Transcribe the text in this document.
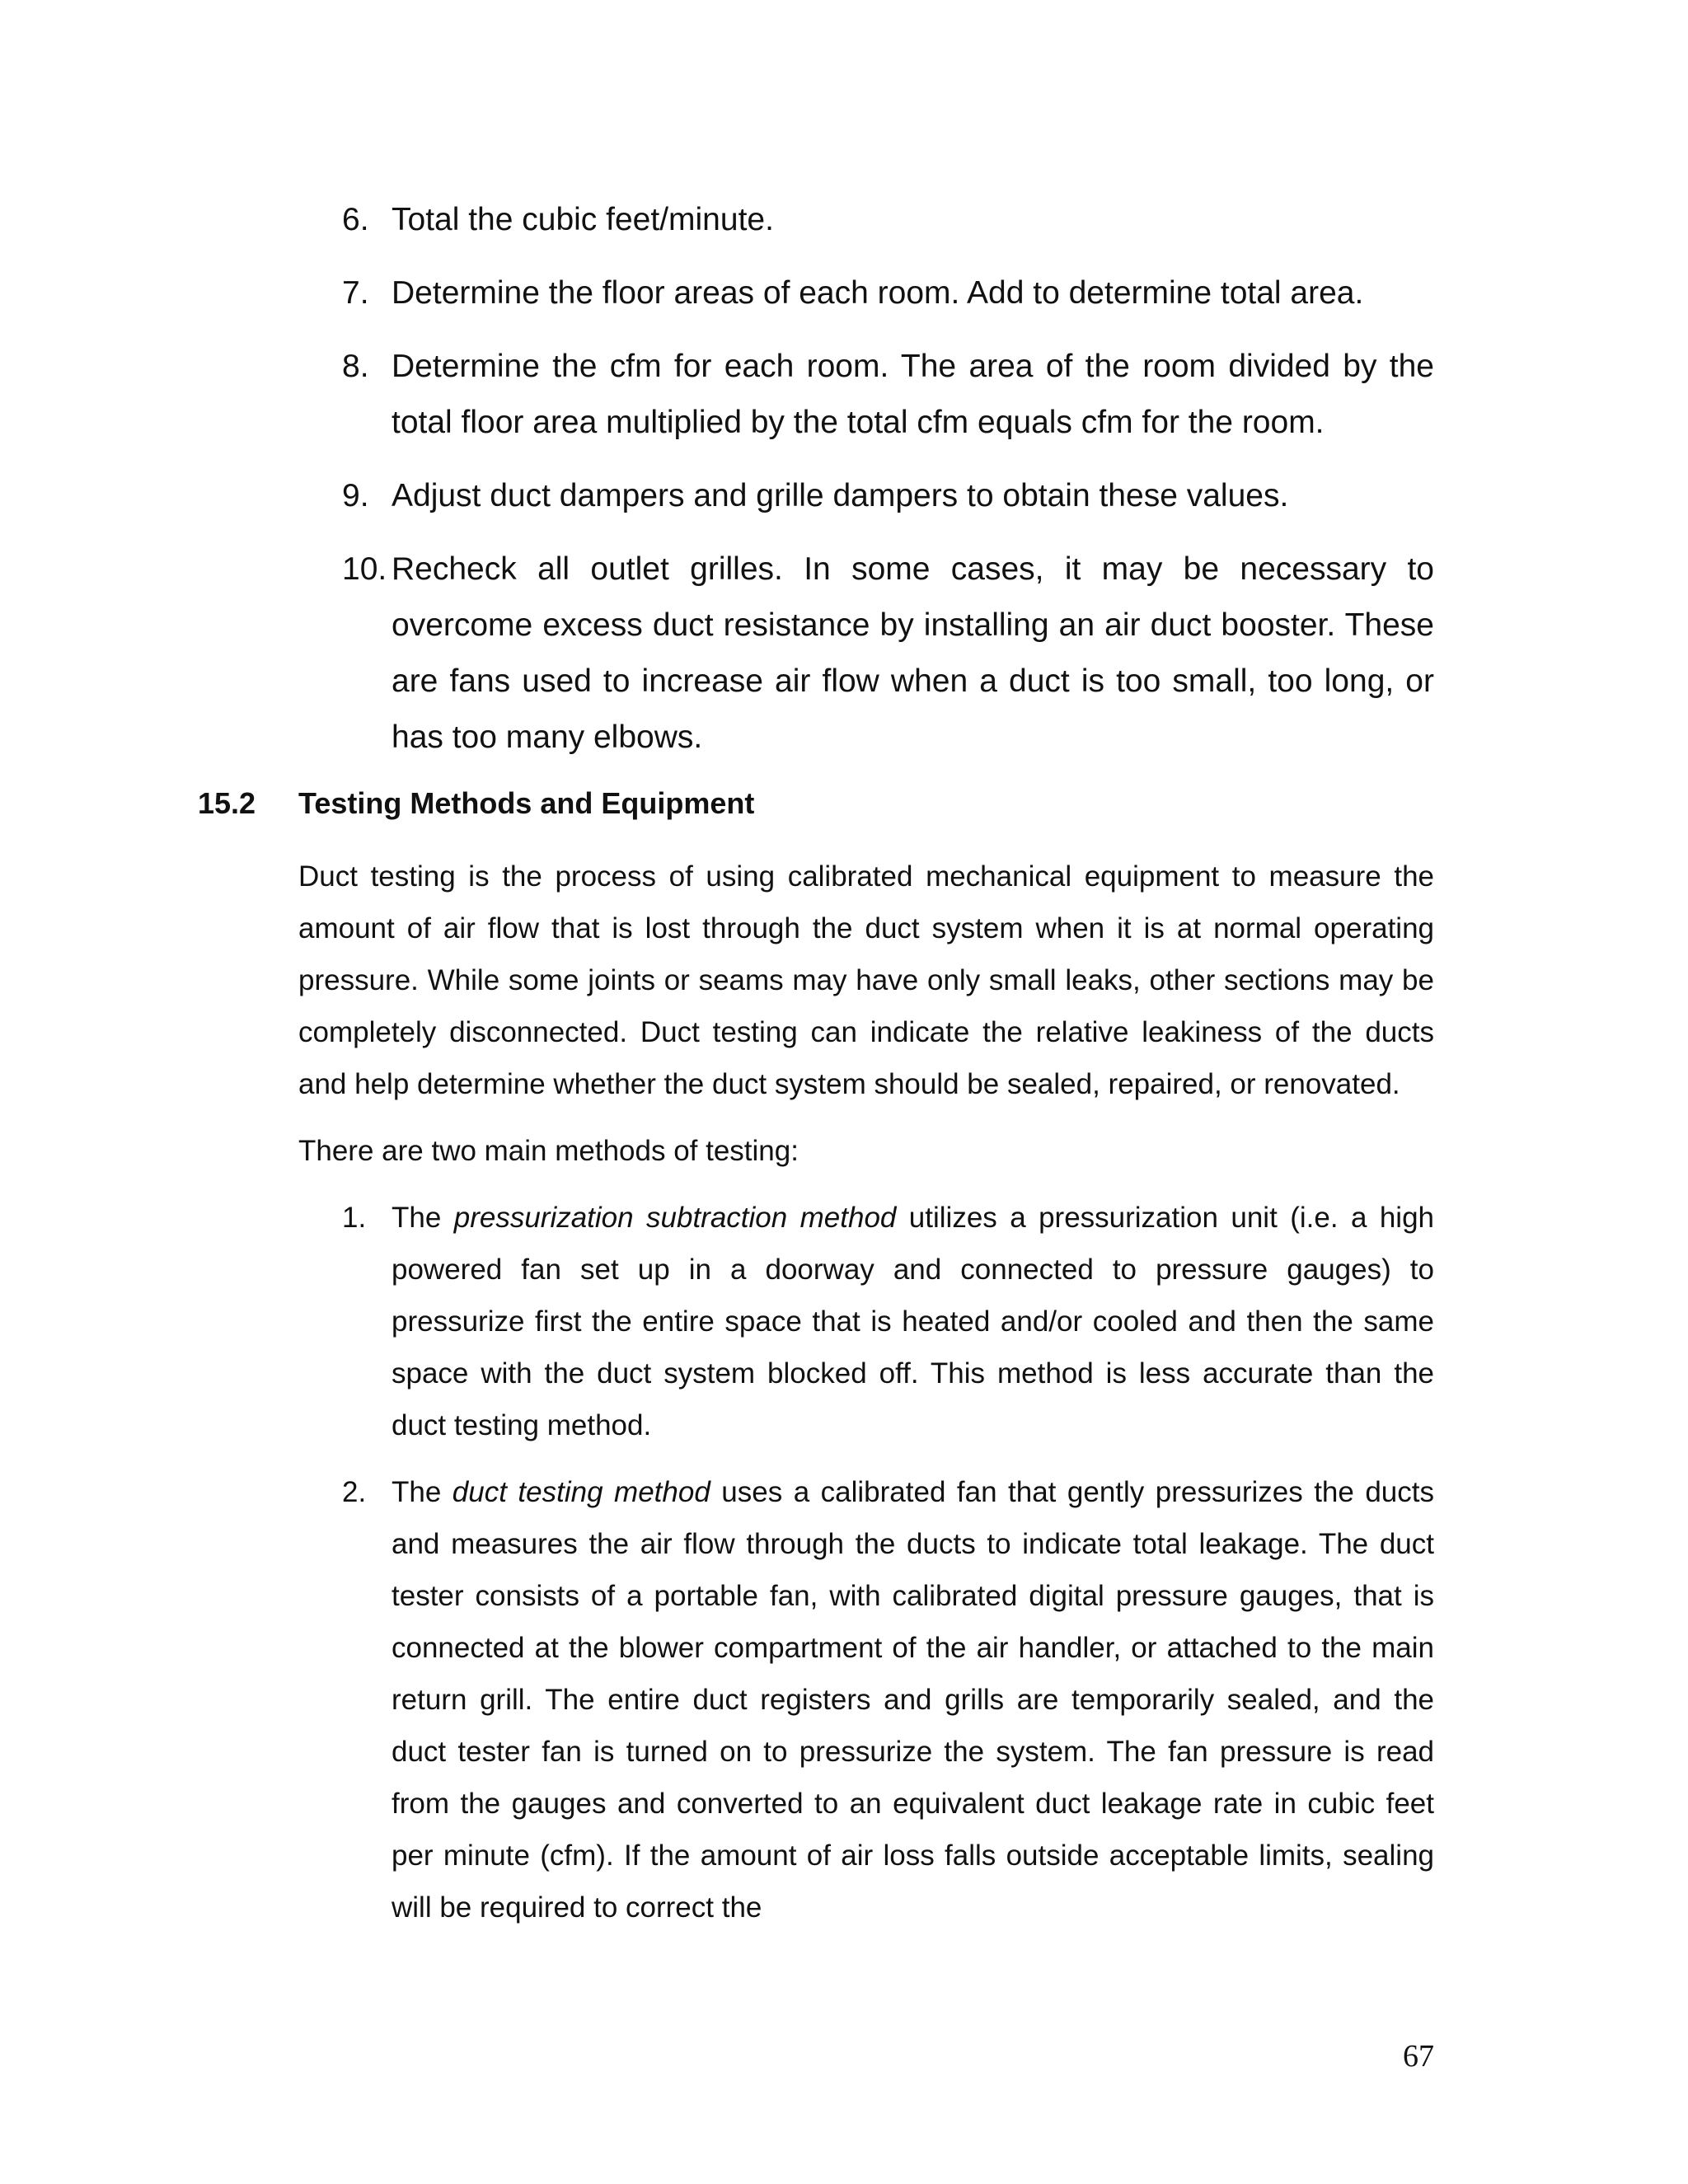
6. Total the cubic feet/minute.
7. Determine the floor areas of each room. Add to determine total area.
8. Determine the cfm for each room. The area of the room divided by the total floor area multiplied by the total cfm equals cfm for the room.
9. Adjust duct dampers and grille dampers to obtain these values.
10. Recheck all outlet grilles. In some cases, it may be necessary to overcome excess duct resistance by installing an air duct booster. These are fans used to increase air flow when a duct is too small, too long, or has too many elbows.
15.2 Testing Methods and Equipment

Duct testing is the process of using calibrated mechanical equipment to measure the amount of air flow that is lost through the duct system when it is at normal operating pressure. While some joints or seams may have only small leaks, other sections may be completely disconnected. Duct testing can indicate the relative leakiness of the ducts and help determine whether the duct system should be sealed, repaired, or renovated.

There are two main methods of testing:

1. The pressurization subtraction method utilizes a pressurization unit (i.e. a high powered fan set up in a doorway and connected to pressure gauges) to pressurize first the entire space that is heated and/or cooled and then the same space with the duct system blocked off. This method is less accurate than the duct testing method.
2. The duct testing method uses a calibrated fan that gently pressurizes the ducts and measures the air flow through the ducts to indicate total leakage. The duct tester consists of a portable fan, with calibrated digital pressure gauges, that is connected at the blower compartment of the air handler, or attached to the main return grill. The entire duct registers and grills are temporarily sealed, and the duct tester fan is turned on to pressurize the system. The fan pressure is read from the gauges and converted to an equivalent duct leakage rate in cubic feet per minute (cfm). If the amount of air loss falls outside acceptable limits, sealing will be required to correct the
67
